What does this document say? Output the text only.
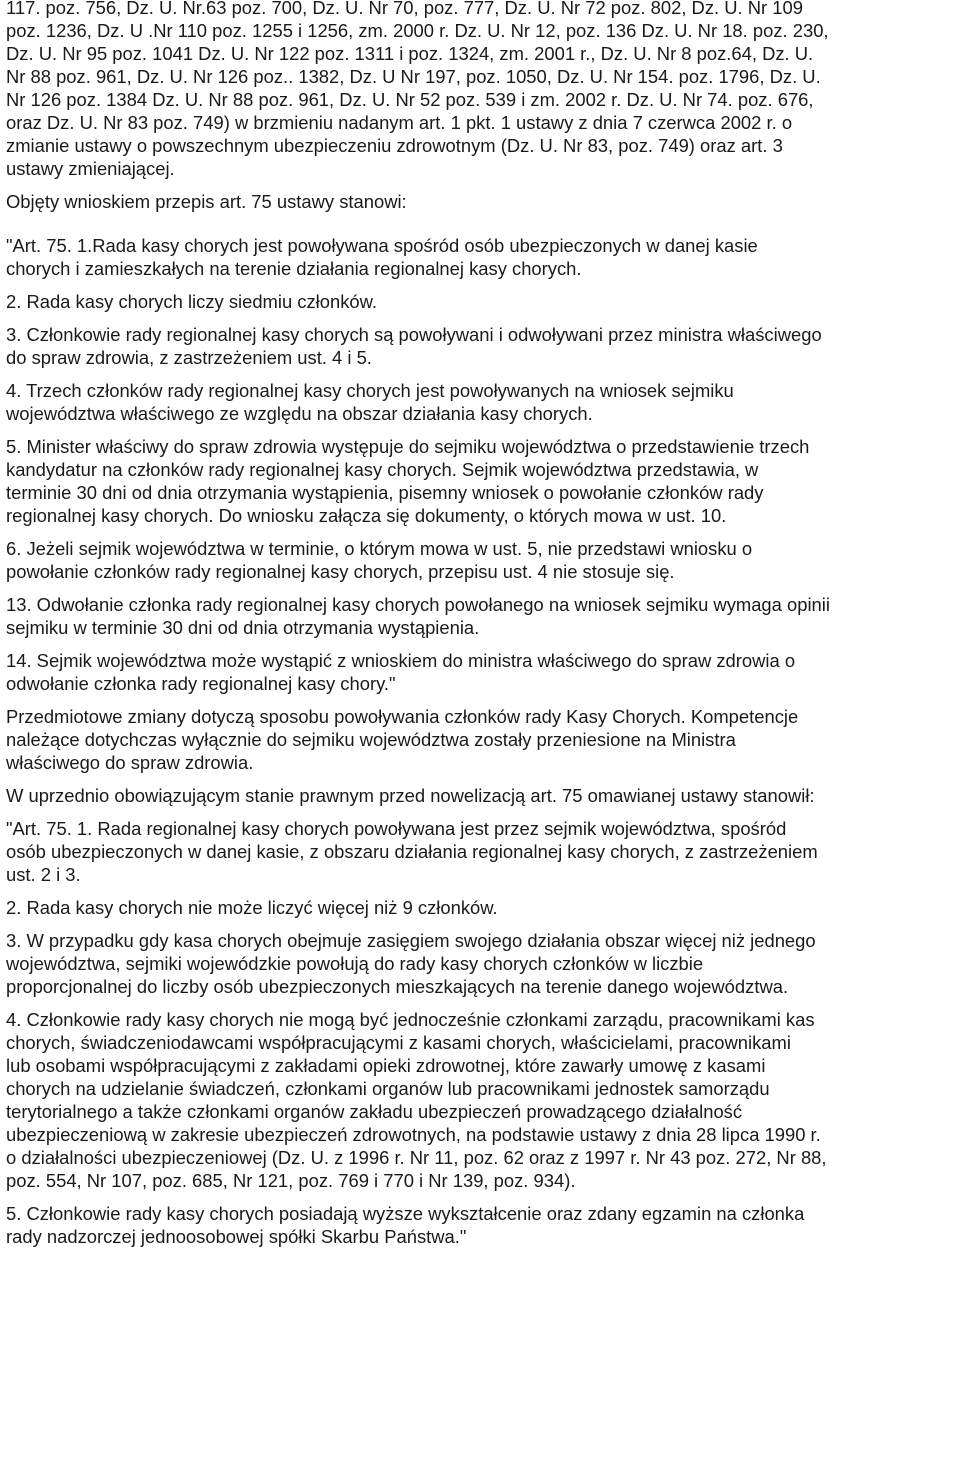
117. poz. 756, Dz. U. Nr.63 poz. 700, Dz. U. Nr 70, poz. 777, Dz. U. Nr 72 poz. 802, Dz. U. Nr 109
poz. 1236, Dz. U .Nr 110 poz. 1255 i 1256, zm. 2000 r. Dz. U. Nr 12, poz. 136 Dz. U. Nr 18. poz. 230,
Dz. U. Nr 95 poz. 1041 Dz. U. Nr 122 poz. 1311 i poz. 1324, zm. 2001 r., Dz. U. Nr 8 poz.64, Dz. U.
Nr 88 poz. 961, Dz. U. Nr 126 poz.. 1382, Dz. U Nr 197, poz. 1050, Dz. U. Nr 154. poz. 1796, Dz. U.
Nr 126 poz. 1384 Dz. U. Nr 88 poz. 961, Dz. U. Nr 52 poz. 539 i zm. 2002 r. Dz. U. Nr 74. poz. 676,
oraz Dz. U. Nr 83 poz. 749) w brzmieniu nadanym art. 1 pkt. 1 ustawy z dnia 7 czerwca 2002 r. o
zmianie ustawy o powszechnym ubezpieczeniu zdrowotnym (Dz. U. Nr 83, poz. 749) oraz art. 3
ustawy zmieniającej.

Objęty wnioskiem przepis art. 75 ustawy stanowi:

"Art. 75. 1.Rada kasy chorych jest powoływana spośród osób ubezpieczonych w danej kasie
chorych i zamieszkałych na terenie działania regionalnej kasy chorych.

2. Rada kasy chorych liczy siedmiu członków.

3. Członkowie rady regionalnej kasy chorych są powoływani i odwoływani przez ministra właściwego
do spraw zdrowia, z zastrzeżeniem ust. 4 i 5.

4. Trzech członków rady regionalnej kasy chorych jest powoływanych na wniosek sejmiku
województwa właściwego ze względu na obszar działania kasy chorych.

5. Minister właściwy do spraw zdrowia występuje do sejmiku województwa o przedstawienie trzech
kandydatur na członków rady regionalnej kasy chorych. Sejmik województwa przedstawia, w
terminie 30 dni od dnia otrzymania wystąpienia, pisemny wniosek o powołanie członków rady
regionalnej kasy chorych. Do wniosku załącza się dokumenty, o których mowa w ust. 10.

6. Jeżeli sejmik województwa w terminie, o którym mowa w ust. 5, nie przedstawi wniosku o
powołanie członków rady regionalnej kasy chorych, przepisu ust. 4 nie stosuje się.

13. Odwołanie członka rady regionalnej kasy chorych powołanego na wniosek sejmiku wymaga opinii
sejmiku w terminie 30 dni od dnia otrzymania wystąpienia.

14. Sejmik województwa może wystąpić z wnioskiem do ministra właściwego do spraw zdrowia o
odwołanie członka rady regionalnej kasy chory."

Przedmiotowe zmiany dotyczą sposobu powoływania członków rady Kasy Chorych. Kompetencje
należące dotychczas wyłącznie do sejmiku województwa zostały przeniesione na Ministra
właściwego do spraw zdrowia.

W uprzednio obowiązującym stanie prawnym przed nowelizacją art. 75 omawianej ustawy stanowił:

"Art. 75. 1. Rada regionalnej kasy chorych powoływana jest przez sejmik województwa, spośród
osób ubezpieczonych w danej kasie, z obszaru działania regionalnej kasy chorych, z zastrzeżeniem
ust. 2 i 3.

2. Rada kasy chorych nie może liczyć więcej niż 9 członków.

3. W przypadku gdy kasa chorych obejmuje zasięgiem swojego działania obszar więcej niż jednego
województwa, sejmiki wojewódzkie powołują do rady kasy chorych członków w liczbie
proporcjonalnej do liczby osób ubezpieczonych mieszkających na terenie danego województwa.

4. Członkowie rady kasy chorych nie mogą być jednocześnie członkami zarządu, pracownikami kas
chorych, świadczeniodawcami współpracującymi z kasami chorych, właścicielami, pracownikami
lub osobami współpracującymi z zakładami opieki zdrowotnej, które zawarły umowę z kasami
chorych na udzielanie świadczeń, członkami organów lub pracownikami jednostek samorządu
terytorialnego a także członkami organów zakładu ubezpieczeń prowadzącego działalność
ubezpieczeniową w zakresie ubezpieczeń zdrowotnych, na podstawie ustawy z dnia 28 lipca 1990 r.
o działalności ubezpieczeniowej (Dz. U. z 1996 r. Nr 11, poz. 62 oraz z 1997 r. Nr 43 poz. 272, Nr 88,
poz. 554, Nr 107, poz. 685, Nr 121, poz. 769 i 770 i Nr 139, poz. 934).

5. Członkowie rady kasy chorych posiadają wyższe wykształcenie oraz zdany egzamin na członka
rady nadzorczej jednoosobowej spółki Skarbu Państwa."
